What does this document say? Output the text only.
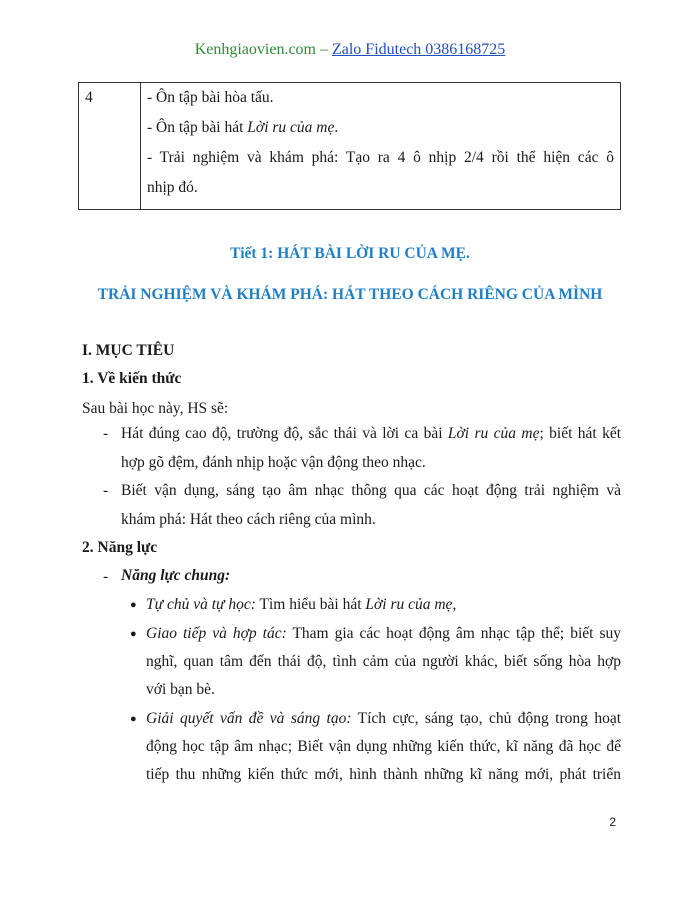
Kenhgiaovien.com – Zalo Fidutech 0386168725
4	- Ôn tập bài hòa tấu.
- Ôn tập bài hát Lời ru của mẹ.
- Trải nghiệm và khám phá: Tạo ra 4 ô nhịp 2/4 rồi thể hiện các ô
nhịp đó.
Tiết 1: HÁT BÀI LỜI RU CỦA MẸ.
TRẢI NGHIỆM VÀ KHÁM PHÁ: HÁT THEO CÁCH RIÊNG CỦA MÌNH
I. MỤC TIÊU
1. Về kiến thức
Sau bài học này, HS sẽ:
- Hát đúng cao độ, trường độ, sắc thái và lời ca bài Lời ru của mẹ; biết hát kết
hợp gõ đệm, đánh nhịp hoặc vận động theo nhạc.
- Biết vận dụng, sáng tạo âm nhạc thông qua các hoạt động trải nghiệm và
khám phá: Hát theo cách riêng của mình.
2. Năng lực
- Năng lực chung:
● Tự chủ và tự học: Tìm hiểu bài hát Lời ru của mẹ,
● Giao tiếp và hợp tác: Tham gia các hoạt động âm nhạc tập thể; biết suy
nghĩ, quan tâm đến thái độ, tình cảm của người khác, biết sống hòa hợp
với bạn bè.
● Giải quyết vấn đề và sáng tạo: Tích cực, sáng tạo, chủ động trong hoạt
động học tập âm nhạc; Biết vận dụng những kiến thức, kĩ năng đã học để
tiếp thu những kiến thức mới, hình thành những kĩ năng mới, phát triển
2
